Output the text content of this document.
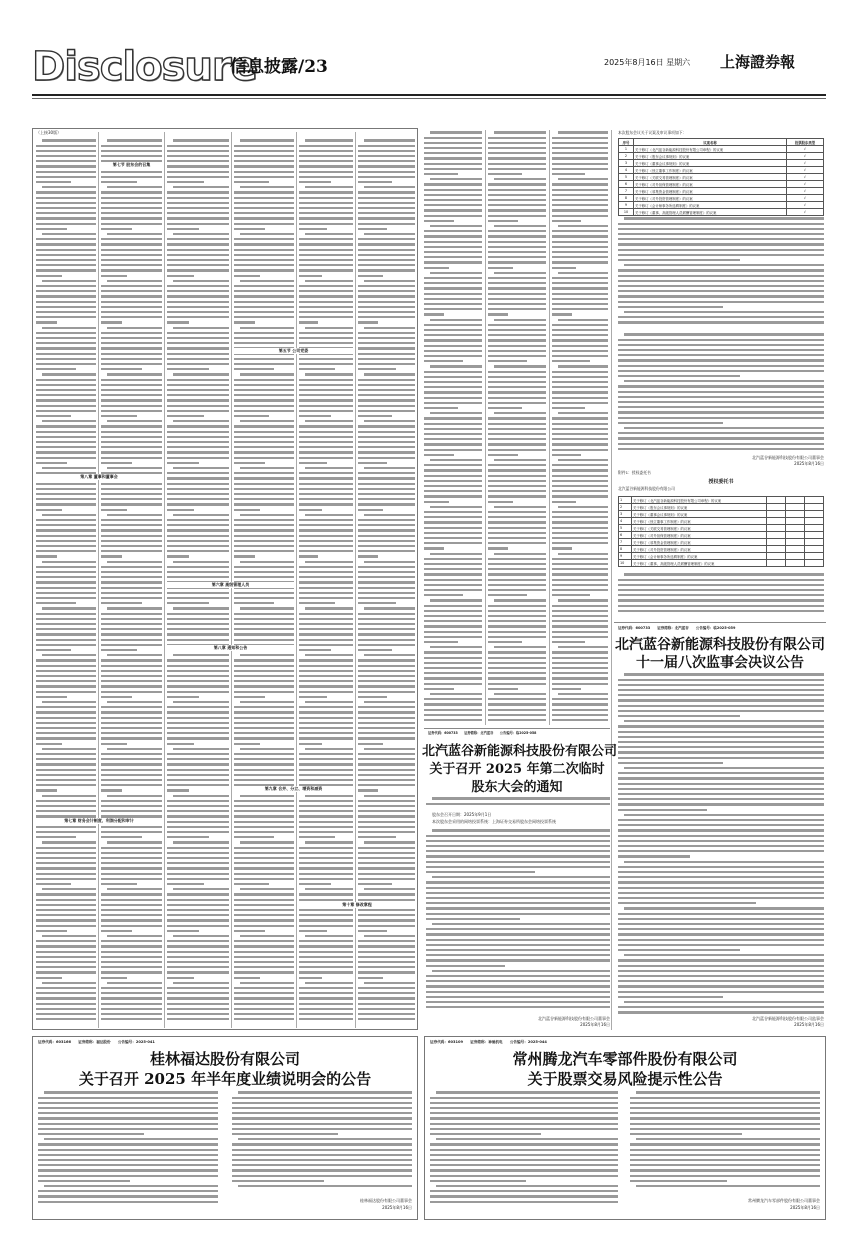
Disclosure
信息披露/23	2025年8月16日 星期六 上海證券報
（上接30版）
第七节 股东会的召集
第八章 董事和董事会
第五节 公司党委
第六章 高级管理人员
第七章 财务会计制度、利润分配和审计
第八章 通知和公告
第九章 合并、分立、增资和减资
第十章 修改章程
本次股东会议关于议案及审议事项如下：
序号	议案名称	投票股东类型
1	关于修订《北汽蓝谷新能源科技股份有限公司章程》的议案	√
2	关于修订《股东会议事规则》的议案	√
3	关于修订《董事会议事规则》的议案	√
4	关于修订《独立董事工作制度》的议案	√
5	关于修订《关联交易管理制度》的议案	√
6	关于修订《对外担保管理制度》的议案	√
7	关于修订《募集资金管理制度》的议案	√
8	关于修订《对外投资管理制度》的议案	√
9	关于修订《会计师事务所选聘制度》的议案	√
10	关于修订《董事、高级管理人员薪酬管理制度》的议案	√
北汽蓝谷新能源科技股份有限公司董事会
2025年8月16日
附件1：授权委托书
授权委托书
北汽蓝谷新能源科技股份有限公司
1	关于修订《北汽蓝谷新能源科技股份有限公司章程》的议案			
2	关于修订《股东会议事规则》的议案			
3	关于修订《董事会议事规则》的议案			
4	关于修订《独立董事工作制度》的议案			
5	关于修订《关联交易管理制度》的议案			
6	关于修订《对外担保管理制度》的议案			
7	关于修订《募集资金管理制度》的议案			
8	关于修订《对外投资管理制度》的议案			
9	关于修订《会计师事务所选聘制度》的议案			
10	关于修订《董事、高级管理人员薪酬管理制度》的议案			
证券代码：600733　　证券简称：北汽蓝谷　　公告编号：临2025-059
北汽蓝谷新能源科技股份有限公司
十一届八次监事会决议公告
北汽蓝谷新能源科技股份有限公司监事会
2025年8月16日
证券代码：600733　　证券简称：北汽蓝谷　　公告编号：临2025-058
北汽蓝谷新能源科技股份有限公司
关于召开 2025 年第二次临时
股东大会的通知
股东会召开日期：2025年9月1日
本次股东会采用的网络投票系统：上海证券交易所股东会网络投票系统
北汽蓝谷新能源科技股份有限公司董事会
2025年8月16日
证券代码：603166　　证券简称：福达股份　　公告编号：2025-041
桂林福达股份有限公司
关于召开 2025 年半年度业绩说明会的公告
桂林福达股份有限公司董事会
2025年8月16日
证券代码：603109　　证券简称：神驰机电　　公告编号：2025-044
常州腾龙汽车零部件股份有限公司
关于股票交易风险提示性公告
常州腾龙汽车零部件股份有限公司董事会
2025年8月16日
